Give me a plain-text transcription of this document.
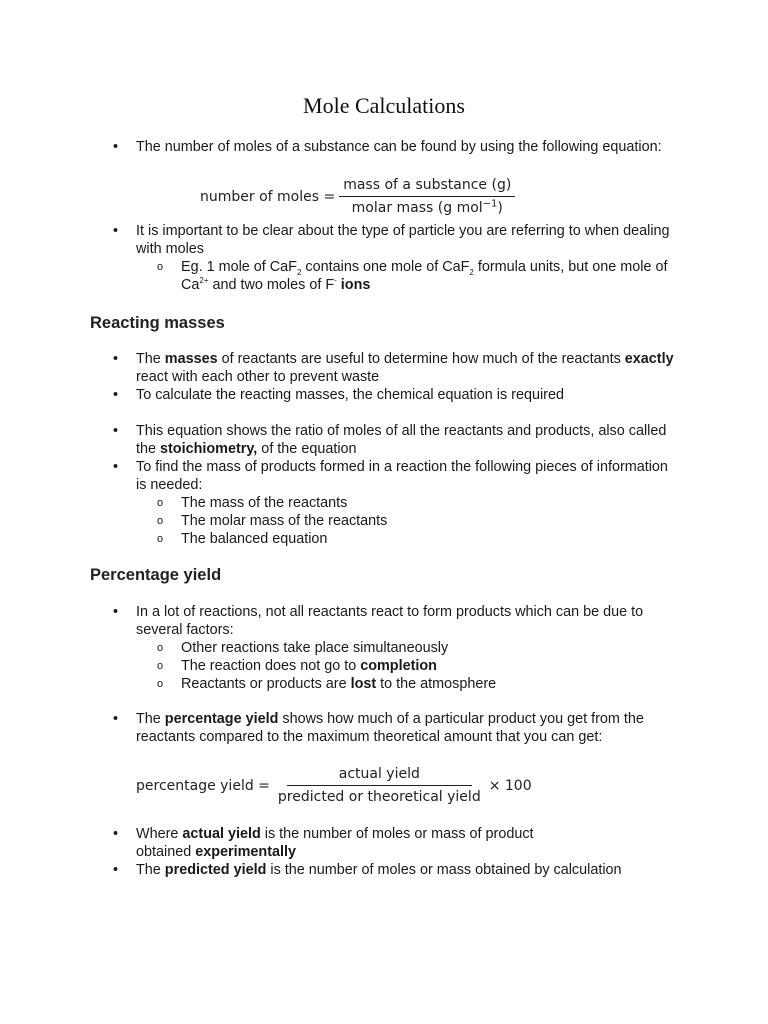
Mole Calculations
• The number of moles of a substance can be found by using the following equation:
number of moles = $\frac{\text{mass of a substance (g)}}{molar mass (g mol^{-1})}$
• It is important to be clear about the type of particle you are referring to when dealing with moles
o Eg. 1 mole of CaF$_2$ contains one mole of CaF$_2$ formula units, but one mole of $Ca^{2+}$ and two moles of F- ions
Reacting masses
• The masses of reactants are useful to determine how much of the reactants exactly react with each other to prevent waste
• To calculate the reacting masses, the chemical equation is required
• This equation shows the ratio of moles of all the reactants and products, also called the stoichiometry, of the equation
• To find the mass of products formed in a reaction the following pieces of information is needed:
o The mass of the reactants
o The molar mass of the reactants
o The balanced equation
Percentage yield
• In a lot of reactions, not all reactants react to form products which can be due to several factors:
o Other reactions take place simultaneously
o The reaction does not go to completion
o Reactants or products are lost to the atmosphere
• The percentage yield shows how much of a particular product you get from the reactants compared to the maximum theoretical amount that you can get:
percentage yield = $\frac{\text{actual yield}}{\text{predicted or theoretical yield}} \times 100$
• Where actual yield is the number of moles or mass of product obtained experimentally
• The predicted yield is the number of moles or mass obtained by calculation
